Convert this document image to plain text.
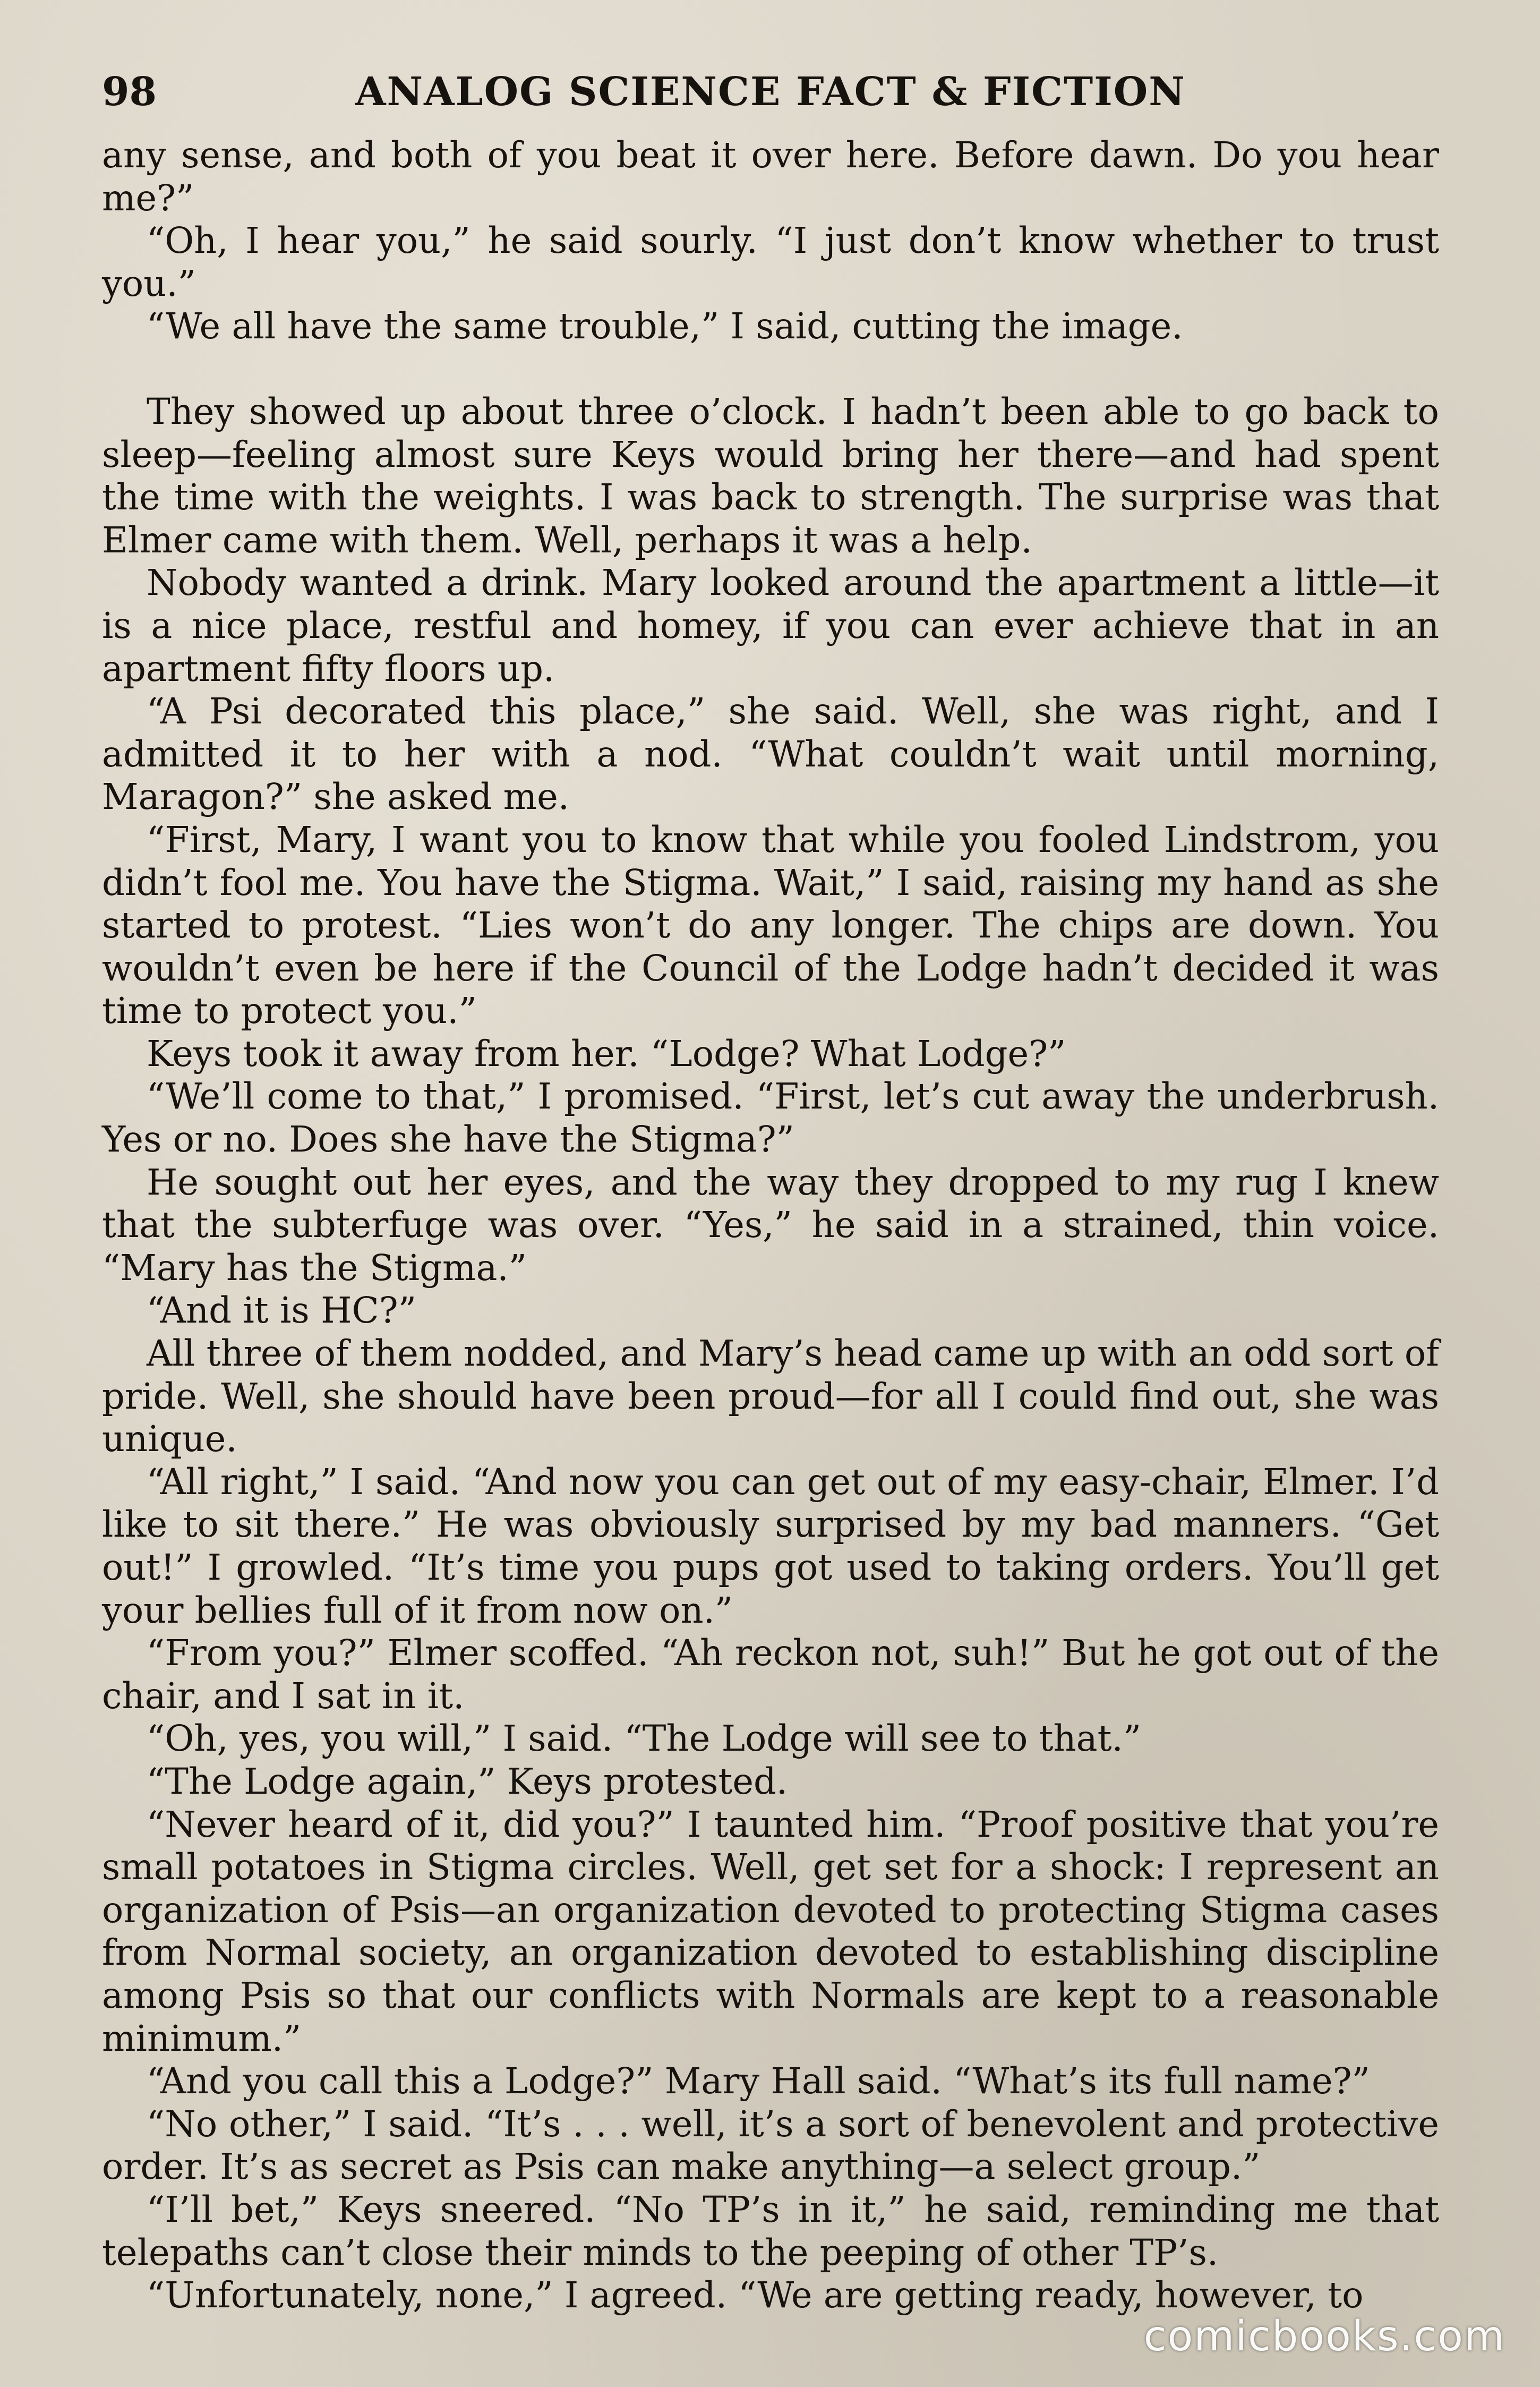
98	ANALOG SCIENCE FACT & FICTION

any sense, and both of you beat it over here. Before dawn. Do you hear me?”

“Oh, I hear you,” he said sourly. “I just don’t know whether to trust you.”

“We all have the same trouble,” I said, cutting the image.

They showed up about three o’clock. I hadn’t been able to go back to sleep—feeling almost sure Keys would bring her there—and had spent the time with the weights. I was back to strength. The surprise was that Elmer came with them. Well, perhaps it was a help.

Nobody wanted a drink. Mary looked around the apartment a little—it is a nice place, restful and homey, if you can ever achieve that in an apartment fifty floors up.

“A Psi decorated this place,” she said. Well, she was right, and I admitted it to her with a nod. “What couldn’t wait until morning, Maragon?” she asked me.

“First, Mary, I want you to know that while you fooled Lindstrom, you didn’t fool me. You have the Stigma. Wait,” I said, raising my hand as she started to protest. “Lies won’t do any longer. The chips are down. You wouldn’t even be here if the Council of the Lodge hadn’t decided it was time to protect you.”

Keys took it away from her. “Lodge? What Lodge?”

“We’ll come to that,” I promised. “First, let’s cut away the underbrush. Yes or no. Does she have the Stigma?”

He sought out her eyes, and the way they dropped to my rug I knew that the subterfuge was over. “Yes,” he said in a strained, thin voice. “Mary has the Stigma.”

“And it is HC?”

All three of them nodded, and Mary’s head came up with an odd sort of pride. Well, she should have been proud—for all I could find out, she was unique.

“All right,” I said. “And now you can get out of my easy-chair, Elmer. I’d like to sit there.” He was obviously surprised by my bad manners. “Get out!” I growled. “It’s time you pups got used to taking orders. You’ll get your bellies full of it from now on.”

“From you?” Elmer scoffed. “Ah reckon not, suh!” But he got out of the chair, and I sat in it.

“Oh, yes, you will,” I said. “The Lodge will see to that.”

“The Lodge again,” Keys protested.

“Never heard of it, did you?” I taunted him. “Proof positive that you’re small potatoes in Stigma circles. Well, get set for a shock: I represent an organization of Psis—an organization devoted to protecting Stigma cases from Normal society, an organization devoted to establishing discipline among Psis so that our conflicts with Normals are kept to a reasonable minimum.”

“And you call this a Lodge?” Mary Hall said. “What’s its full name?”

“No other,” I said. “It’s . . . well, it’s a sort of benevolent and protective order. It’s as secret as Psis can make anything—a select group.”

“I’ll bet,” Keys sneered. “No TP’s in it,” he said, reminding me that telepaths can’t close their minds to the peeping of other TP’s.

“Unfortunately, none,” I agreed. “We are getting ready, however, to

comicbooks.com
